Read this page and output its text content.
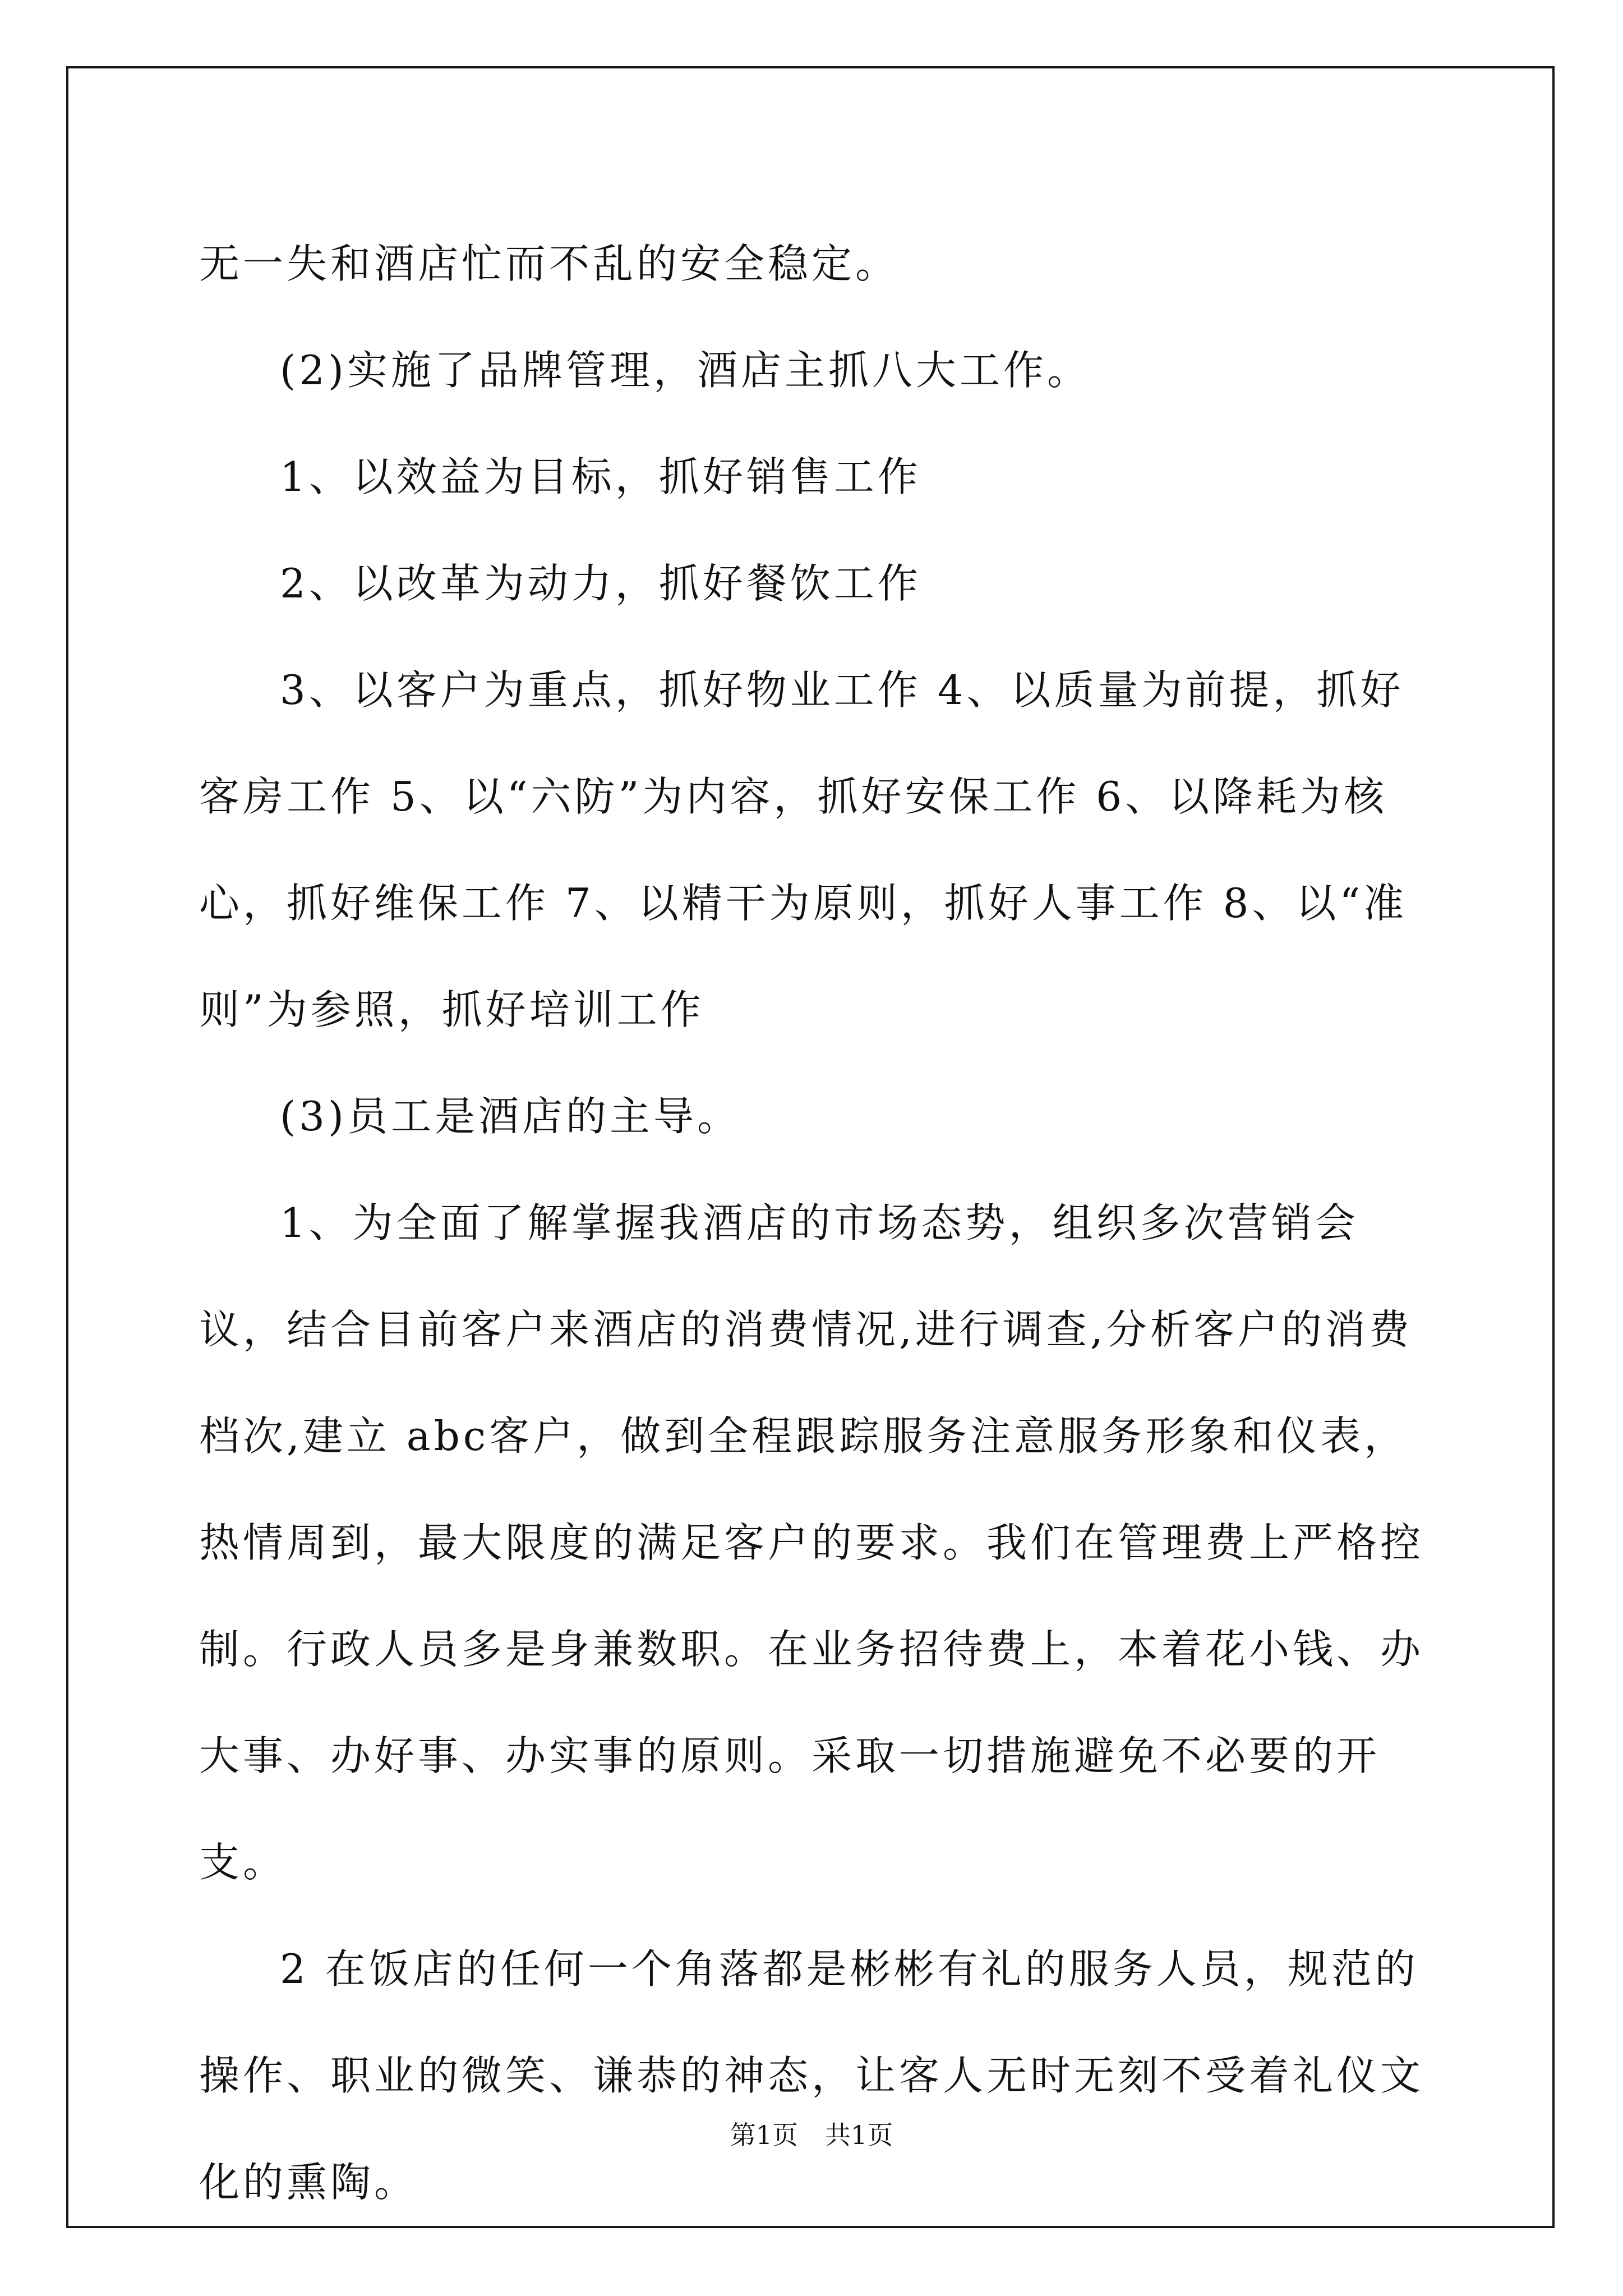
无一失和酒店忙而不乱的安全稳定。

(2)实施了品牌管理，酒店主抓八大工作。

1、以效益为目标，抓好销售工作

2、以改革为动力，抓好餐饮工作

3、以客户为重点，抓好物业工作 4、以质量为前提，抓好客房工作 5、以“六防”为内容，抓好安保工作 6、以降耗为核心，抓好维保工作 7、以精干为原则，抓好人事工作 8、以“准则”为参照，抓好培训工作

(3)员工是酒店的主导。

1、为全面了解掌握我酒店的市场态势，组织多次营销会议，结合目前客户来酒店的消费情况,进行调查,分析客户的消费档次,建立 abc客户，做到全程跟踪服务注意服务形象和仪表，热情周到，最大限度的满足客户的要求。我们在管理费上严格控制。行政人员多是身兼数职。在业务招待费上，本着花小钱、办大事、办好事、办实事的原则。采取一切措施避免不必要的开支。

2 在饭店的任何一个角落都是彬彬有礼的服务人员，规范的操作、职业的微笑、谦恭的神态，让客人无时无刻不受着礼仪文化的熏陶。

第1页 共1页
